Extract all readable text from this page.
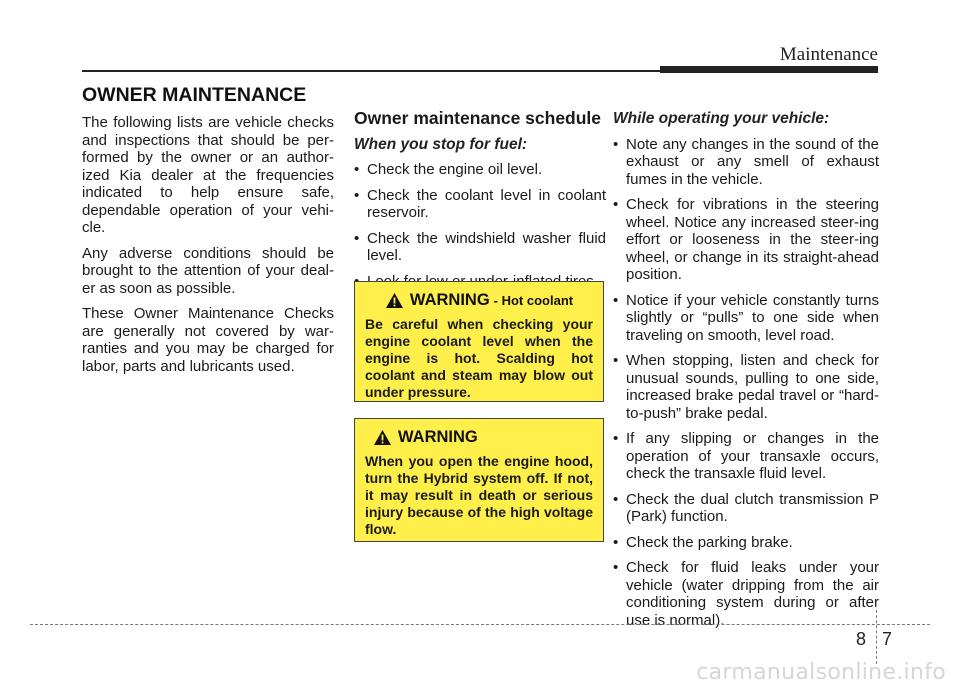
Maintenance
OWNER MAINTENANCE

The following lists are vehicle checks and inspections that should be per-formed by the owner or an author-ized Kia dealer at the frequencies indicated to help ensure safe, dependable operation of your vehi-cle.

Any adverse conditions should be brought to the attention of your deal-er as soon as possible.

These Owner Maintenance Checks are generally not covered by war-ranties and you may be charged for labor, parts and lubricants used.

Owner maintenance schedule
When you stop for fuel:
• Check the engine oil level.
• Check the coolant level in coolant reservoir.
• Check the windshield washer fluid level.
•
WARNING - Hot coolant

Be careful when checking your engine coolant level when the engine is hot. Scalding hot coolant and steam may blow out under pressure.

WARNING

When you open the engine hood, turn the Hybrid system off. If not, it may result in death or serious injury because of the high voltage flow.

While operating your vehicle:
• Note any changes in the sound of the exhaust or any smell of exhaust fumes in the vehicle.
• Check for vibrations in the steering wheel. Notice any increased steer-ing effort or looseness in the steer-ing wheel, or change in its straight-ahead position.
• Notice if your vehicle constantly turns slightly or “pulls” to one side when traveling on smooth, level road.
• When stopping, listen and check for unusual sounds, pulling to one side, increased brake pedal travel or “hard-to-push” brake pedal.
• If any slipping or changes in the operation of your transaxle occurs, check the transaxle fluid level.
• Check the dual clutch transmission P (Park) function.
• Check the parking brake.
• Check for fluid leaks under your vehicle (water dripping from the air conditioning system during or after use is normal).
8 7
carmanualsonline.info
